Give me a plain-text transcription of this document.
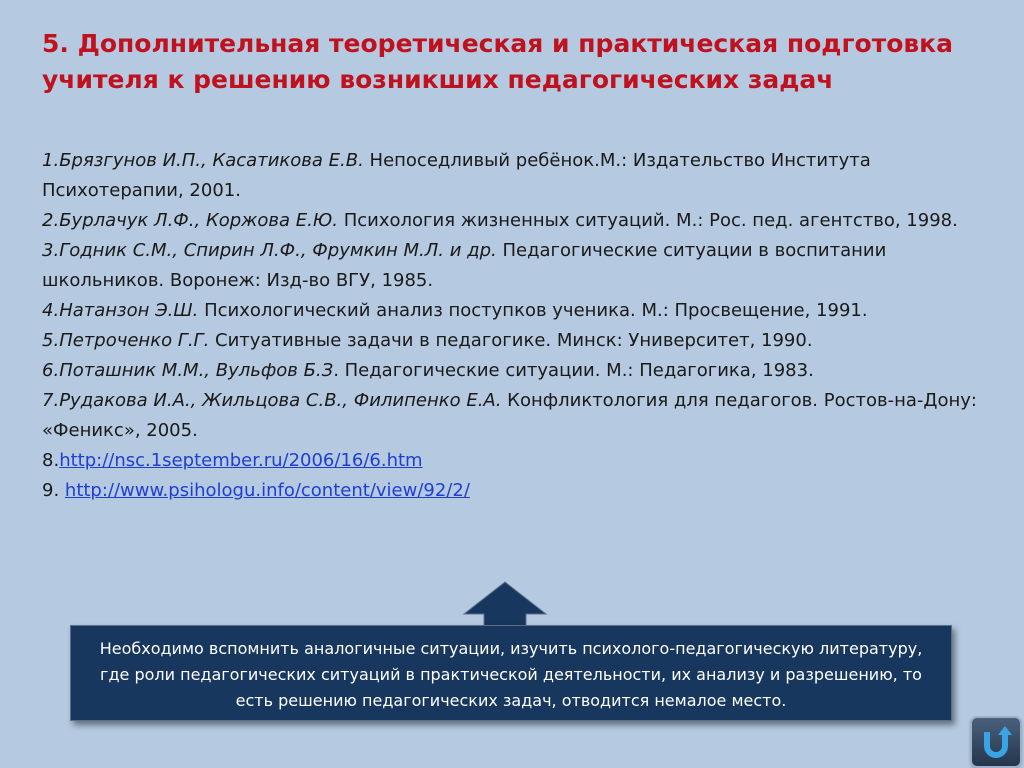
5. Дополнительная теоретическая и практическая подготовка учителя к решению возникших педагогических задач
1.Брязгунов И.П., Касатикова Е.В. Непоседливый ребёнок.М.: Издательство Института Психотерапии, 2001.
2.Бурлачук Л.Ф., Коржова Е.Ю. Психология жизненных ситуаций. М.: Рос. пед. агентство, 1998.
3.Годник С.М., Спирин Л.Ф., Фрумкин М.Л. и др. Педагогические ситуации в воспитании школьников. Воронеж: Изд-во ВГУ, 1985.
4.Натанзон Э.Ш. Психологический анализ поступков ученика. М.: Просвещение, 1991.
5.Петроченко Г.Г. Ситуативные задачи в педагогике. Минск: Университет, 1990.
6.Поташник М.М., Вульфов Б.З. Педагогические ситуации. М.: Педагогика, 1983.
7.Рудакова И.А., Жильцова С.В., Филипенко Е.А. Конфликтология для педагогов. Ростов-на-Дону: «Феникс», 2005.
8.http://nsc.1september.ru/2006/16/6.htm
9. http://www.psihologu.info/content/view/92/2/

Необходимо вспомнить аналогичные ситуации, изучить психолого-педагогическую литературу, где роли педагогических ситуаций в практической деятельности, их анализу и разрешению, то есть решению педагогических задач, отводится немалое место.
